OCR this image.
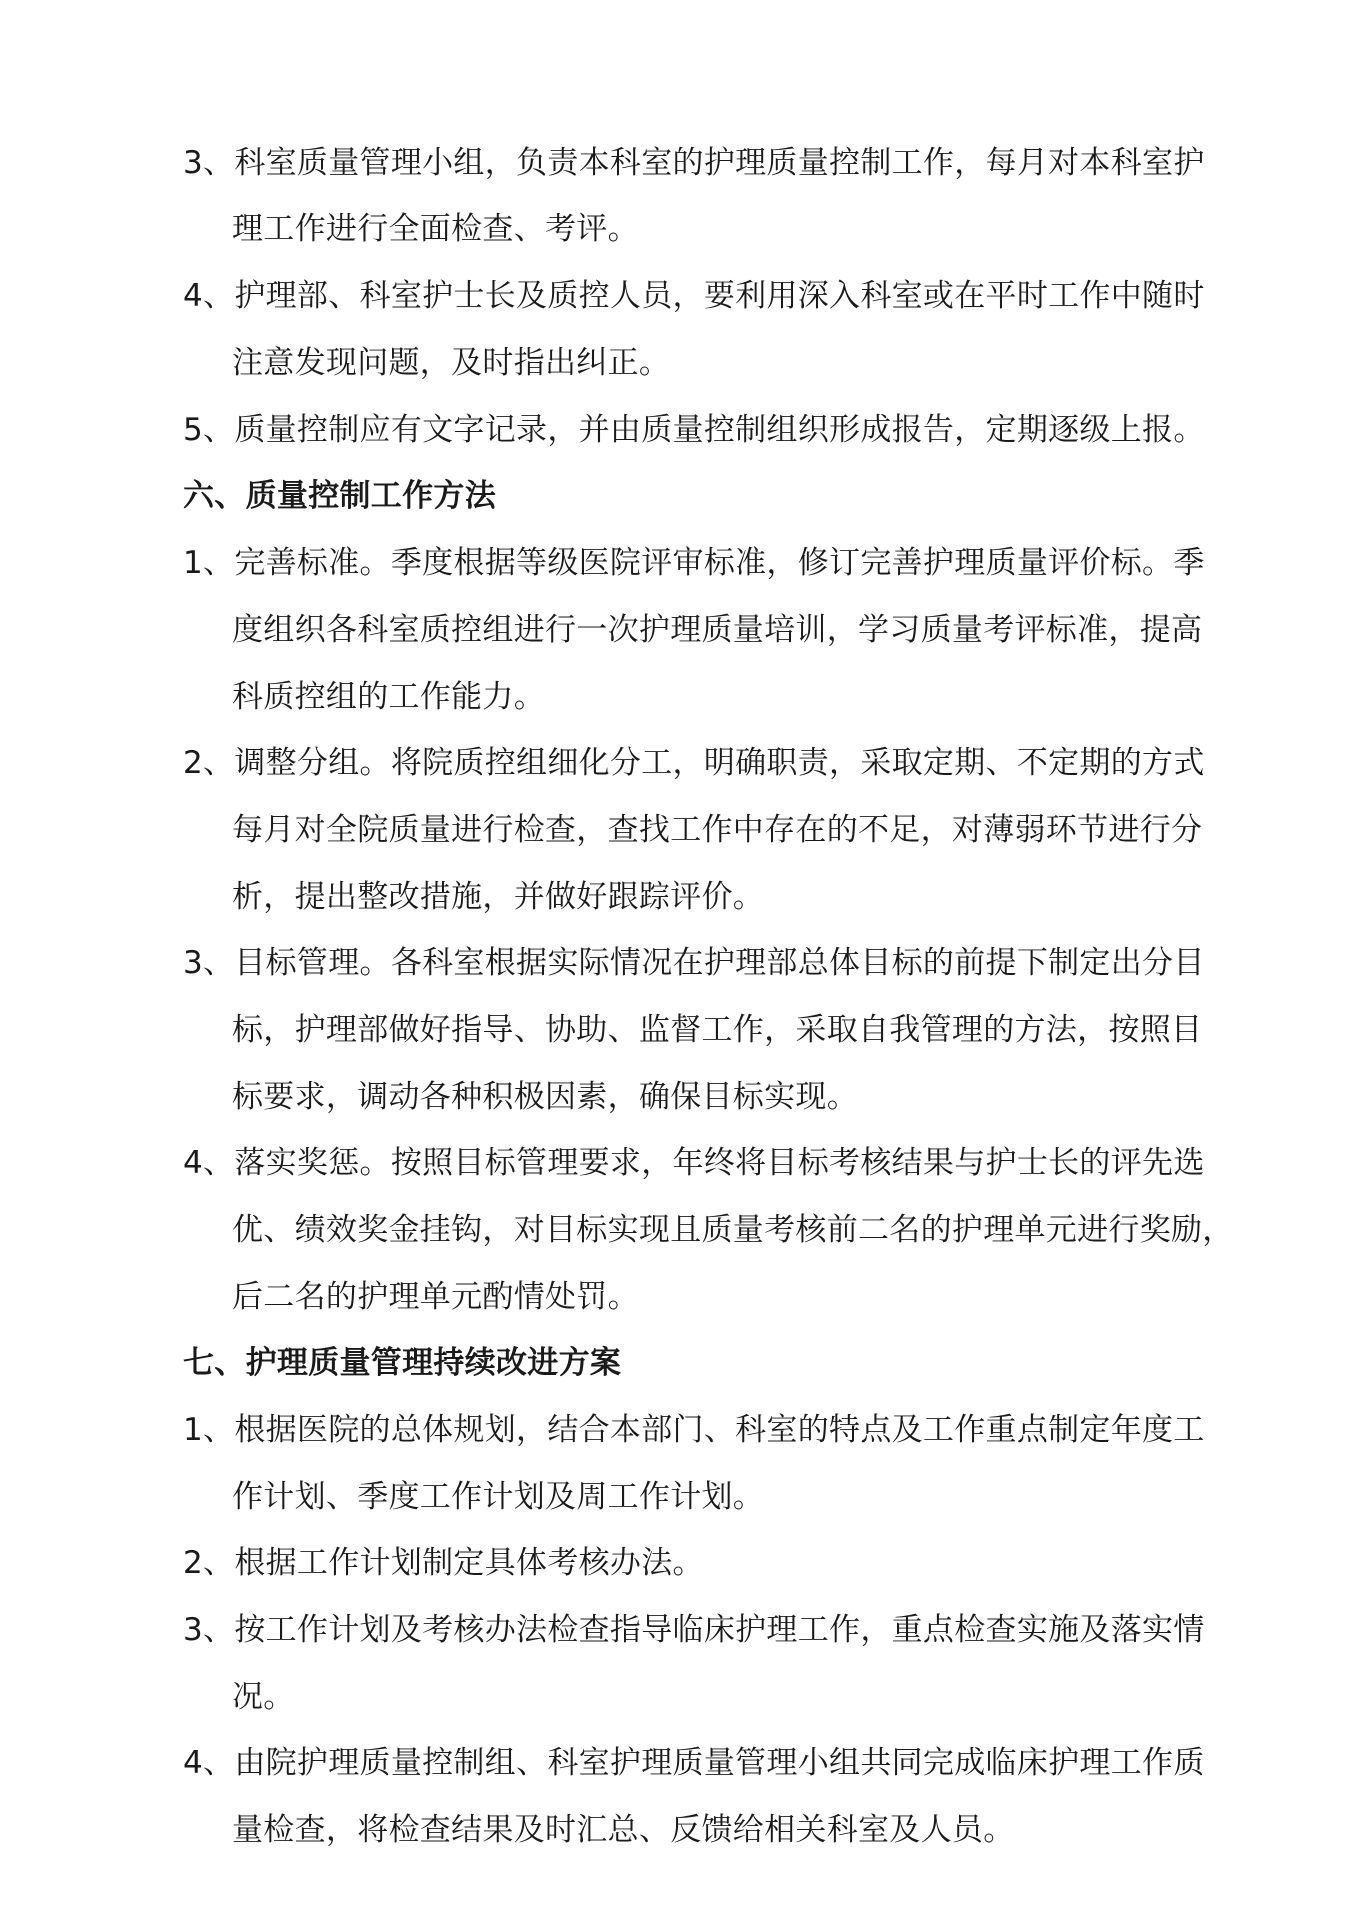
3、科室质量管理小组，负责本科室的护理质量控制工作，每月对本科室护
理工作进行全面检查、考评。
4、护理部、科室护士长及质控人员，要利用深入科室或在平时工作中随时
注意发现问题，及时指出纠正。
5、质量控制应有文字记录，并由质量控制组织形成报告，定期逐级上报。
六、质量控制工作方法
1、完善标准。季度根据等级医院评审标准，修订完善护理质量评价标。季
度组织各科室质控组进行一次护理质量培训，学习质量考评标准，提高
科质控组的工作能力。
2、调整分组。将院质控组细化分工，明确职责，采取定期、不定期的方式
每月对全院质量进行检查，查找工作中存在的不足，对薄弱环节进行分
析，提出整改措施，并做好跟踪评价。
3、目标管理。各科室根据实际情况在护理部总体目标的前提下制定出分目
标，护理部做好指导、协助、监督工作，采取自我管理的方法，按照目
标要求，调动各种积极因素，确保目标实现。
4、落实奖惩。按照目标管理要求，年终将目标考核结果与护士长的评先选
优、绩效奖金挂钩，对目标实现且质量考核前二名的护理单元进行奖励，
后二名的护理单元酌情处罚。
七、护理质量管理持续改进方案
1、根据医院的总体规划，结合本部门、科室的特点及工作重点制定年度工
作计划、季度工作计划及周工作计划。
2、根据工作计划制定具体考核办法。
3、按工作计划及考核办法检查指导临床护理工作，重点检查实施及落实情
况。
4、由院护理质量控制组、科室护理质量管理小组共同完成临床护理工作质
量检查，将检查结果及时汇总、反馈给相关科室及人员。
